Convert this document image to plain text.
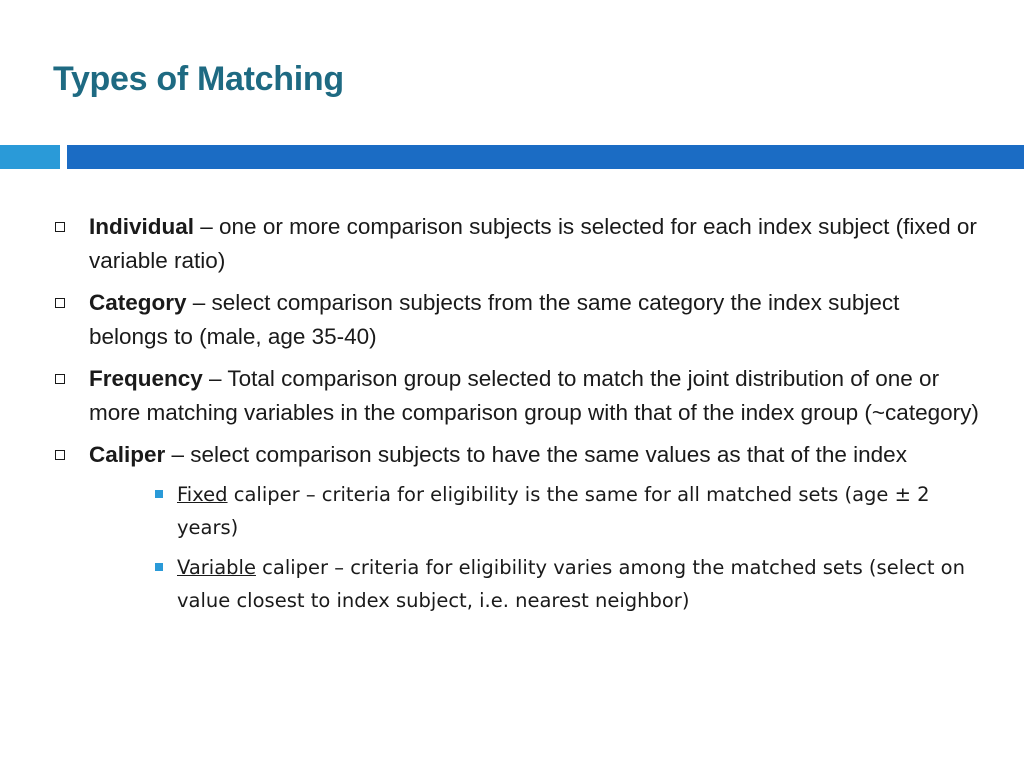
Types of Matching
Individual – one or more comparison subjects is selected for each index subject (fixed or variable ratio)
Category – select comparison subjects from the same category the index subject belongs to (male, age 35-40)
Frequency – Total comparison group selected to match the joint distribution of one or more matching variables in the comparison group with that of the index group (~category)
Caliper – select comparison subjects to have the same values as that of the index
Fixed caliper – criteria for eligibility is the same for all matched sets (age ± 2 years)
Variable caliper – criteria for eligibility varies among the matched sets (select on value closest to index subject, i.e. nearest neighbor)
